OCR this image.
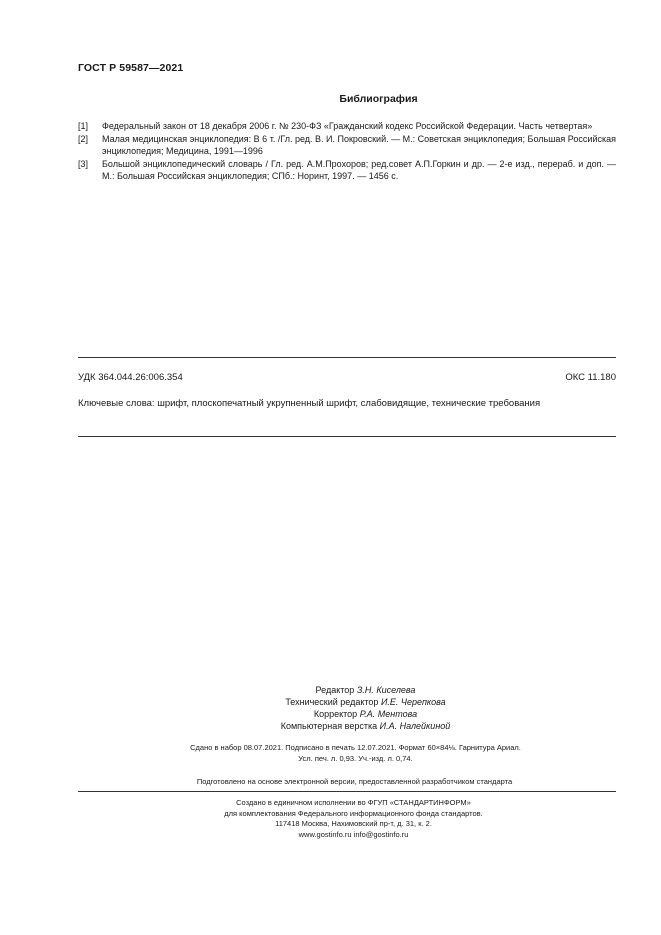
ГОСТ Р 59587—2021
Библиография
[1]	Федеральный закон от 18 декабря 2006 г. № 230-ФЗ «Гражданский кодекс Российской Федерации. Часть четвертая»
[2]	Малая медицинская энциклопедия: В 6 т. /Гл. ред. В. И. Покровский. — М.: Советская энциклопедия; Большая Российская энциклопедия; Медицина, 1991—1996
[3]	Большой энциклопедический словарь / Гл. ред. А.М.Прохоров; ред.совет А.П.Горкин и др. — 2-е изд., перераб. и доп. — М.: Большая Российская энциклопедия; СПб.: Норинт, 1997. — 1456 с.
УДК 364.044.26:006.354	ОКС 11.180
Ключевые слова: шрифт, плоскопечатный укрупненный шрифт, слабовидящие, технические требования
Редактор З.Н. Киселева
Технический редактор И.Е. Черепкова
Корректор Р.А. Ментова
Компьютерная верстка И.А. Налейкиной
Сдано в набор 08.07.2021. Подписано в печать 12.07.2021. Формат 60×84⅛. Гарнитура Ариал.
Усл. печ. л. 0,93. Уч.-изд. л. 0,74.
Подготовлено на основе электронной версии, предоставленной разработчиком стандарта
Создано в единичном исполнении во ФГУП «СТАНДАРТИНФОРМ»
для комплектования Федерального информационного фонда стандартов.
117418 Москва, Нахимовский пр-т, д. 31, к. 2.
www.gostinfo.ru info@gostinfo.ru
